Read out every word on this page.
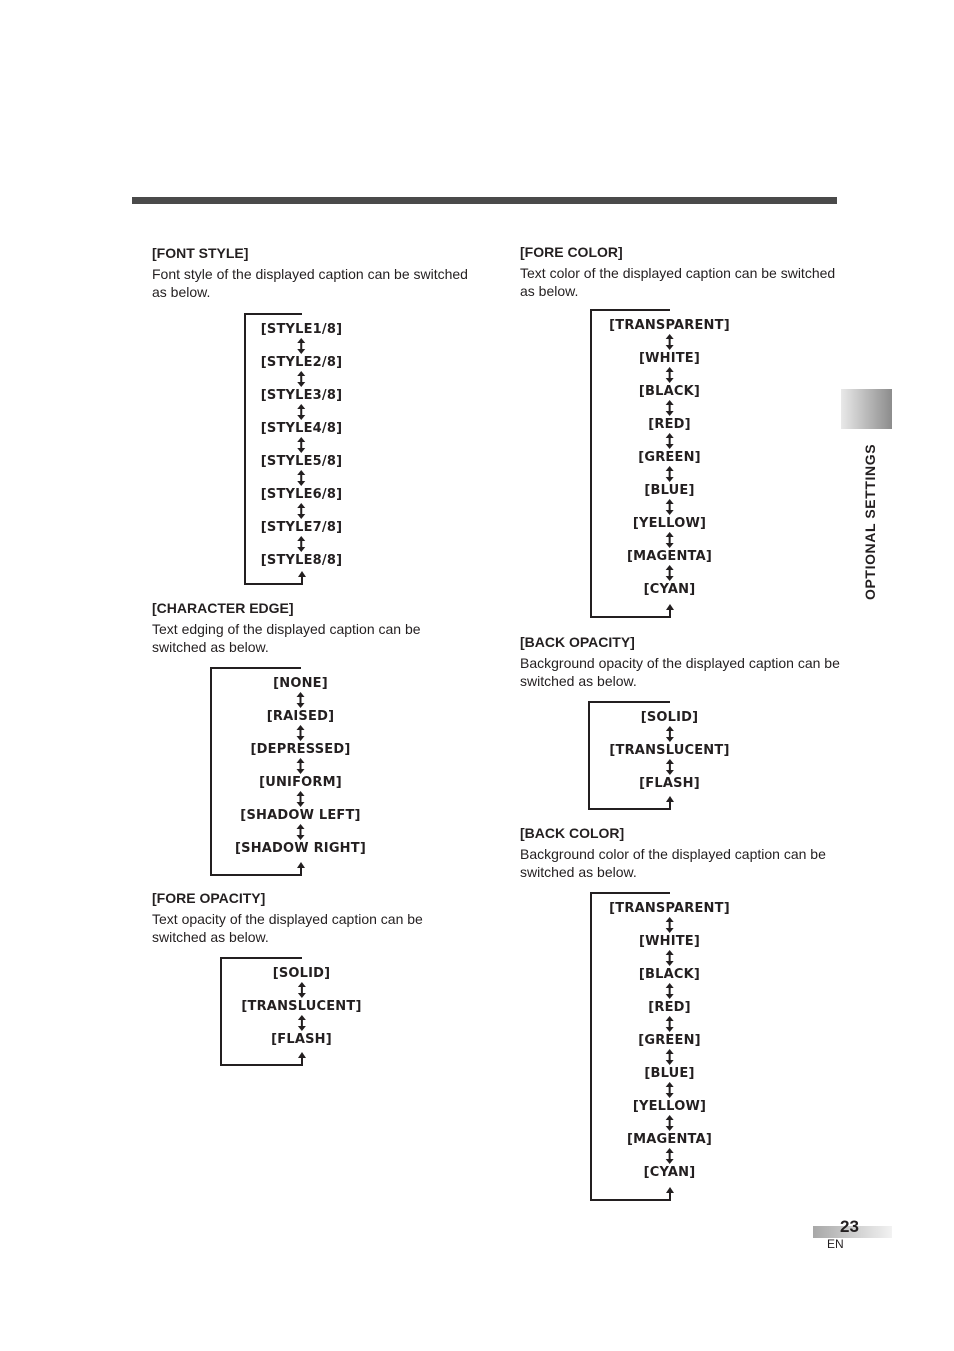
[FONT STYLE]
Font style of the displayed caption can be switched as below.
[STYLE1/8]
[STYLE2/8]
[STYLE3/8]
[STYLE4/8]
[STYLE5/8]
[STYLE6/8]
[STYLE7/8]
[STYLE8/8]
[CHARACTER EDGE]
Text edging of the displayed caption can be switched as below.
[NONE]
[RAISED]
[DEPRESSED]
[UNIFORM]
[SHADOW LEFT]
[SHADOW RIGHT]
[FORE OPACITY]
Text opacity of the displayed caption can be switched as below.
[SOLID]
[TRANSLUCENT]
[FLASH]
[FORE COLOR]
Text color of the displayed caption can be switched as below.
[TRANSPARENT]
[WHITE]
[BLACK]
[RED]
[GREEN]
[BLUE]
[YELLOW]
[MAGENTA]
[CYAN]
[BACK OPACITY]
Background opacity of the displayed caption can be switched as below.
[SOLID]
[TRANSLUCENT]
[FLASH]
[BACK COLOR]
Background color of the displayed caption can be switched as below.
[TRANSPARENT]
[WHITE]
[BLACK]
[RED]
[GREEN]
[BLUE]
[YELLOW]
[MAGENTA]
[CYAN]
OPTIONAL SETTINGS
23
EN
